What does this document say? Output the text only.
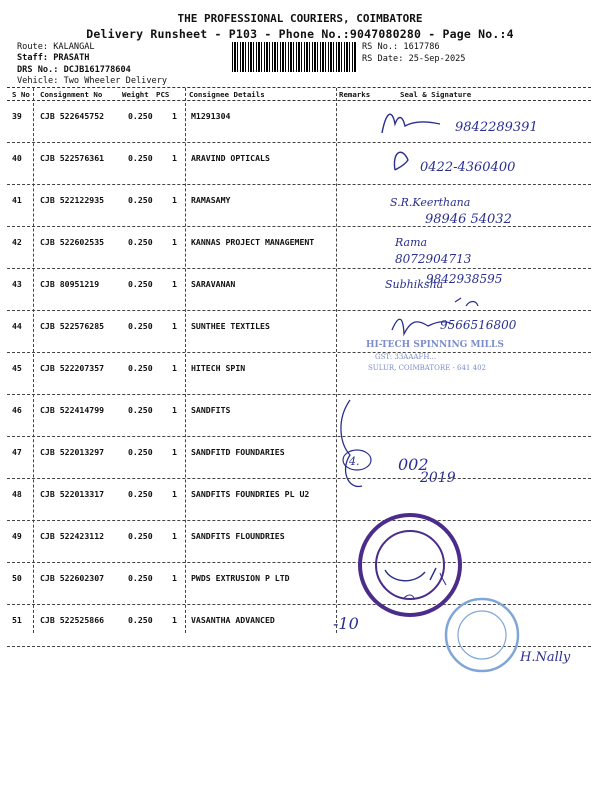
THE PROFESSIONAL COURIERS, COIMBATORE
Delivery Runsheet - P103 - Phone No.:9047080280 - Page No.:4
Route: KALANGAL
Staff: PRASATH
DRS No.: DCJB161778604
Vehicle: Two Wheeler Delivery
RS No.: 1617786
RS Date: 25-Sep-2025
S No Consignment No	Weight PCS	Consignee Details	Remarks	Seal & Signature
39 CJB 522645752	0.250 1 M1291304
40 CJB 522576361	0.250 1 ARAVIND OPTICALS
41 CJB 522122935	0.250 1 RAMASAMY
42 CJB 522602535	0.250 1 KANNAS PROJECT MANAGEMENT
43 CJB 80951219	0.250 1 SARAVANAN
44 CJB 522576285	0.250 1 SUNTHEE TEXTILES
45 CJB 522207357	0.250 1 HITECH SPIN
46 CJB 522414799	0.250 1 SANDFITS
47 CJB 522013297	0.250 1 SANDFITD FOUNDARIES
48 CJB 522013317	0.250 1 SANDFITS FOUNDRIES PL U2
49 CJB 522423112	0.250 1 SANDFITS FLOUNDRIES
50 CJB 522602307	0.250 1 PWDS EXTRUSION P LTD
51 CJB 522525866	0.250 1 VASANTHA ADVANCED
9842289391
0422-4360400
S.R.Keerthana
98946 54032
Rama
8072904713
Subhiksha
9842938595
9566516800
002
2019
-10
H.Nally
HI-TECH SPINNING MILLS
GST: 33AAAFH...
SULUR, COIMBATORE - 641 402
4.
